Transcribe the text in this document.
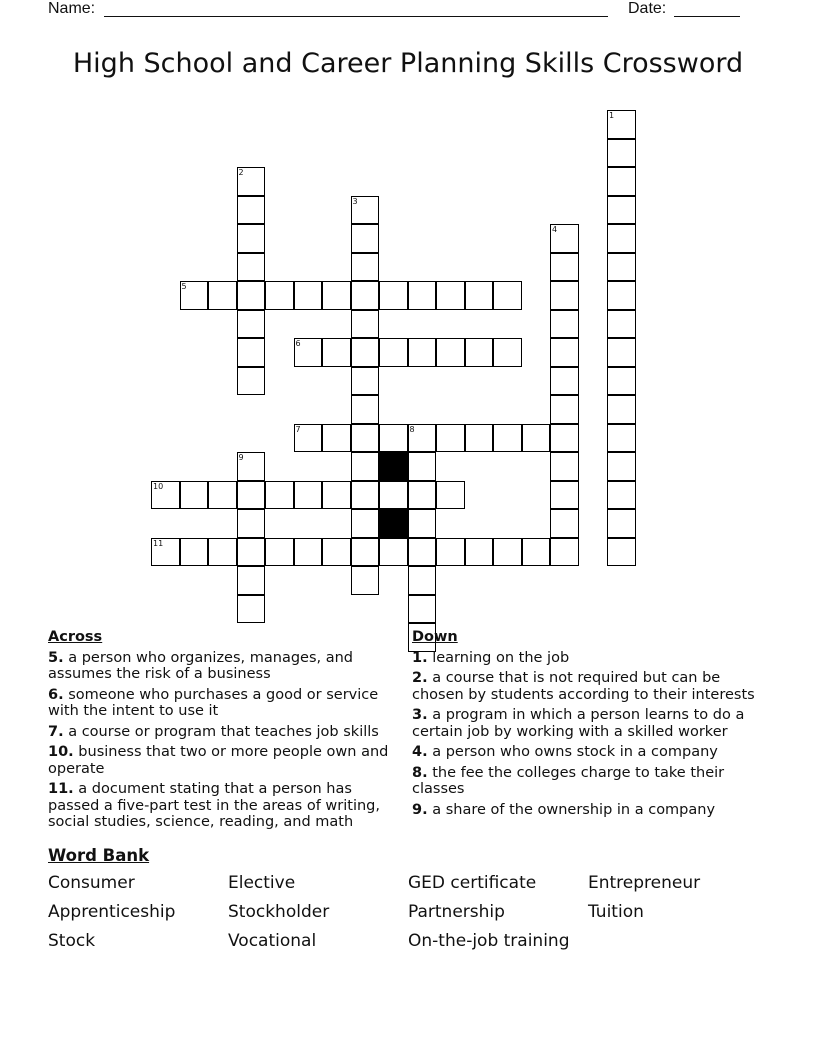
Name:	Date:
High School and Career Planning Skills Crossword
1
2
3
4
5
6
7	8
9
10
11
Across
5. a person who organizes, manages, and assumes the risk of a business
6. someone who purchases a good or service with the intent to use it
7. a course or program that teaches job skills
10. business that two or more people own and operate
11. a document stating that a person has passed a five-part test in the areas of writing, social studies, science, reading, and math
Down
1. learning on the job
2. a course that is not required but can be chosen by students according to their interests
3. a program in which a person learns to do a certain job by working with a skilled worker
4. a person who owns stock in a company
8. the fee the colleges charge to take their classes
9. a share of the ownership in a company
Word Bank
Consumer	Elective	GED certificate	Entrepreneur
Apprenticeship	Stockholder	Partnership	Tuition
Stock	Vocational	On-the-job training
